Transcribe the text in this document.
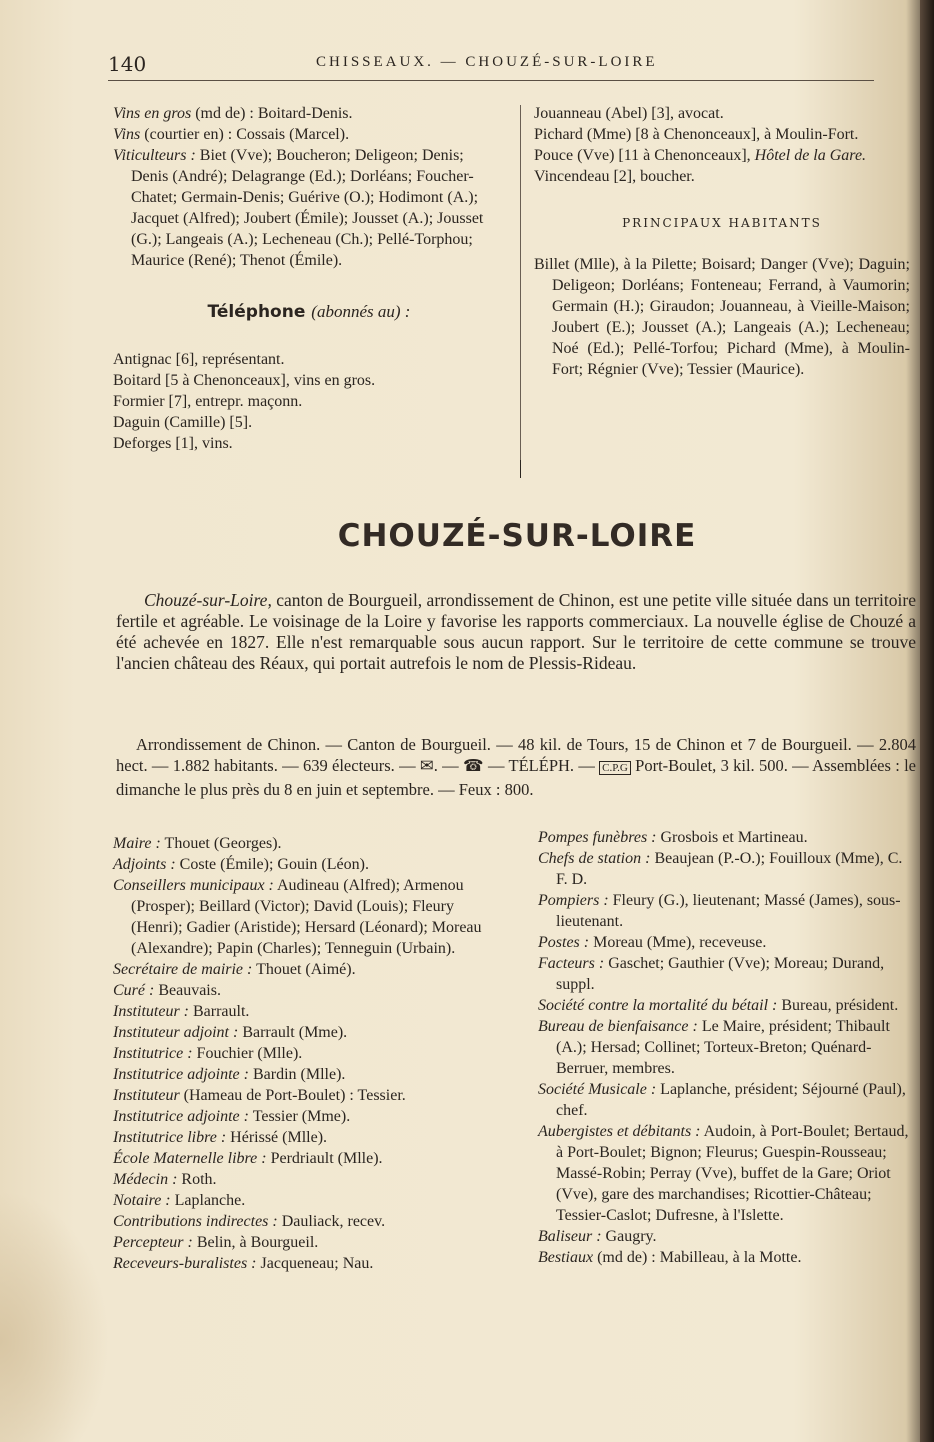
140	CHISSEAUX. — CHOUZÉ-SUR-LOIRE

Vins en gros (md de) : Boitard-Denis.

Vins (courtier en) : Cossais (Marcel).

Viticulteurs : Biet (Vve); Boucheron; Deligeon; Denis; Denis (André); Delagrange (Ed.); Dorléans; Foucher-Chatet; Germain-Denis; Guérive (O.); Hodimont (A.); Jacquet (Alfred); Joubert (Émile); Jousset (A.); Jousset (G.); Langeais (A.); Lecheneau (Ch.); Pellé-Torphou; Maurice (René); Thenot (Émile).

Téléphone (abonnés au) :

Antignac [6], représentant.

Boitard [5 à Chenonceaux], vins en gros.

Formier [7], entrepr. maçonn.

Daguin (Camille) [5].

Deforges [1], vins.

Jouanneau (Abel) [3], avocat.

Pichard (Mme) [8 à Chenonceaux], à Moulin-Fort.

Pouce (Vve) [11 à Chenonceaux], Hôtel de la Gare.

Vincendeau [2], boucher.

PRINCIPAUX HABITANTS

Billet (Mlle), à la Pilette; Boisard; Danger (Vve); Daguin; Deligeon; Dorléans; Fonteneau; Ferrand, à Vaumorin; Germain (H.); Giraudon; Jouanneau, à Vieille-Maison; Joubert (E.); Jousset (A.); Langeais (A.); Lecheneau; Noé (Ed.); Pellé-Torfou; Pichard (Mme), à Moulin-Fort; Régnier (Vve); Tessier (Maurice).

CHOUZÉ-SUR-LOIRE

Chouzé-sur-Loire, canton de Bourgueil, arrondissement de Chinon, est une petite ville située dans un territoire fertile et agréable. Le voisinage de la Loire y favorise les rapports commerciaux. La nouvelle église de Chouzé a été achevée en 1827. Elle n'est remarquable sous aucun rapport. Sur le territoire de cette commune se trouve l'ancien château des Réaux, qui portait autrefois le nom de Plessis-Rideau.

Arrondissement de Chinon. — Canton de Bourgueil. — 48 kil. de Tours, 15 de Chinon et 7 de Bourgueil. — 2.804 hect. — 1.882 habitants. — 639 électeurs. — ✉. — ☎ — TÉLÉPH. — C.P.G Port-Boulet, 3 kil. 500. — Assemblées : le dimanche le plus près du 8 en juin et septembre. — Feux : 800.

Maire : Thouet (Georges).

Adjoints : Coste (Émile); Gouin (Léon).

Conseillers municipaux : Audineau (Alfred); Armenou (Prosper); Beillard (Victor); David (Louis); Fleury (Henri); Gadier (Aristide); Hersard (Léonard); Moreau (Alexandre); Papin (Charles); Tenneguin (Urbain).

Secrétaire de mairie : Thouet (Aimé).

Curé : Beauvais.

Instituteur : Barrault.

Instituteur adjoint : Barrault (Mme).

Institutrice : Fouchier (Mlle).

Institutrice adjointe : Bardin (Mlle).

Instituteur (Hameau de Port-Boulet) : Tessier.

Institutrice adjointe : Tessier (Mme).

Institutrice libre : Hérissé (Mlle).

École Maternelle libre : Perdriault (Mlle).

Médecin : Roth.

Notaire : Laplanche.

Contributions indirectes : Dauliack, recev.

Percepteur : Belin, à Bourgueil.

Receveurs-buralistes : Jacqueneau; Nau.

Pompes funèbres : Grosbois et Martineau.

Chefs de station : Beaujean (P.-O.); Fouilloux (Mme), C. F. D.

Pompiers : Fleury (G.), lieutenant; Massé (James), sous-lieutenant.

Postes : Moreau (Mme), receveuse.

Facteurs : Gaschet; Gauthier (Vve); Moreau; Durand, suppl.

Société contre la mortalité du bétail : Bureau, président.

Bureau de bienfaisance : Le Maire, président; Thibault (A.); Hersad; Collinet; Torteux-Breton; Quénard-Berruer, membres.

Société Musicale : Laplanche, président; Séjourné (Paul), chef.

Aubergistes et débitants : Audoin, à Port-Boulet; Bertaud, à Port-Boulet; Bignon; Fleurus; Guespin-Rousseau; Massé-Robin; Perray (Vve), buffet de la Gare; Oriot (Vve), gare des marchandises; Ricottier-Château; Tessier-Caslot; Dufresne, à l'Islette.

Baliseur : Gaugry.

Bestiaux (md de) : Mabilleau, à la Motte.
